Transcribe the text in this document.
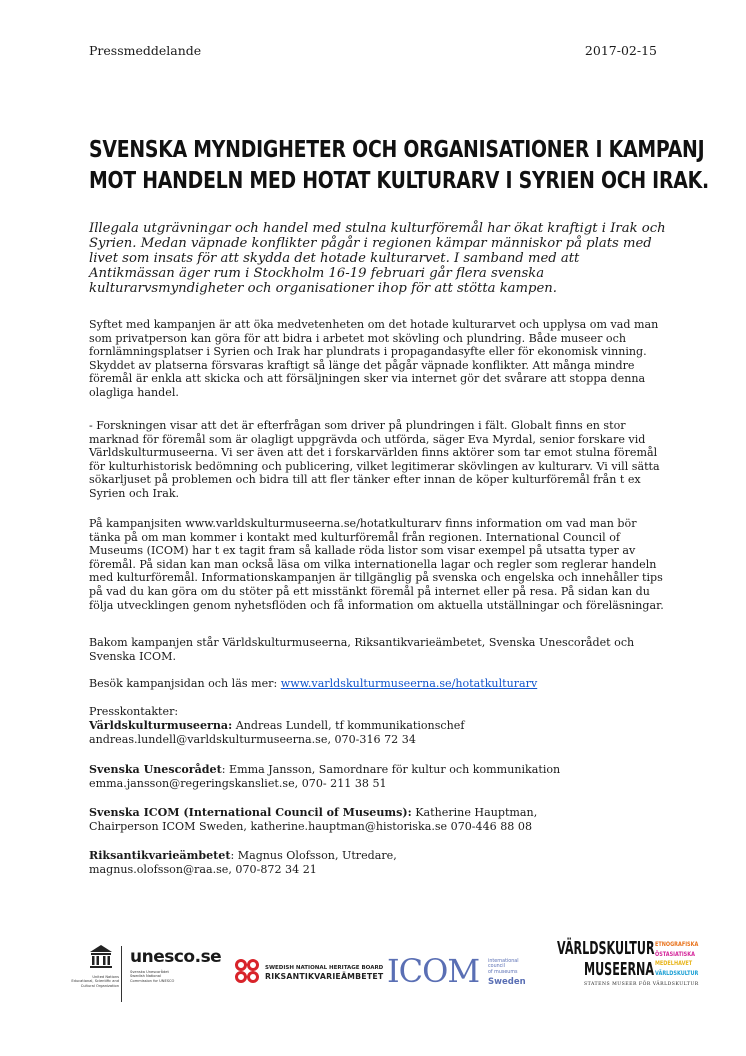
Pressmeddelande	2017-02-15
SVENSKA MYNDIGHETER OCH ORGANISATIONER I KAMPANJ
MOT HANDELN MED HOTAT KULTURARV I SYRIEN OCH IRAK.

Illegala utgrävningar och handel med stulna kulturföremål har ökat kraftigt i Irak och Syrien. Medan väpnade konflikter pågår i regionen kämpar människor på plats med livet som insats för att skydda det hotade kulturarvet. I samband med att Antikmässan äger rum i Stockholm 16-19 februari går flera svenska kulturarvsmyndigheter och organisationer ihop för att stötta kampen.

Syftet med kampanjen är att öka medvetenheten om det hotade kulturarvet och upplysa om vad man som privatperson kan göra för att bidra i arbetet mot skövling och plundring. Både museer och fornlämningsplatser i Syrien och Irak har plundrats i propagandasyfte eller för ekonomisk vinning. Skyddet av platserna försvaras kraftigt så länge det pågår väpnade konflikter. Att många mindre föremål är enkla att skicka och att försäljningen sker via internet gör det svårare att stoppa denna olagliga handel.

- Forskningen visar att det är efterfrågan som driver på plundringen i fält. Globalt finns en stor marknad för föremål som är olagligt uppgrävda och utförda, säger Eva Myrdal, senior forskare vid Världskulturmuseerna. Vi ser även att det i forskarvärlden finns aktörer som tar emot stulna föremål för kulturhistorisk bedömning och publicering, vilket legitimerar skövlingen av kulturarv. Vi vill sätta sökarljuset på problemen och bidra till att fler tänker efter innan de köper kulturföremål från t ex Syrien och Irak.

På kampanjsiten www.varldskulturmuseerna.se/hotatkulturarv finns information om vad man bör tänka på om man kommer i kontakt med kulturföremål från regionen. International Council of Museums (ICOM) har t ex tagit fram så kallade röda listor som visar exempel på utsatta typer av föremål. På sidan kan man också läsa om vilka internationella lagar och regler som reglerar handeln med kulturföremål. Informationskampanjen är tillgänglig på svenska och engelska och innehåller tips på vad du kan göra om du stöter på ett misstänkt föremål på internet eller på resa. På sidan kan du följa utvecklingen genom nyhetsflöden och få information om aktuella utställningar och föreläsningar.

Bakom kampanjen står Världskulturmuseerna, Riksantikvarieämbetet, Svenska Unescorådet och Svenska ICOM.

Besök kampanjsidan och läs mer: www.varldskulturmuseerna.se/hotatkulturarv

Presskontakter:
Världskulturmuseerna: Andreas Lundell, tf kommunikationschef
andreas.lundell@varldskulturmuseerna.se, 070-316 72 34
Svenska Unescorådet: Emma Jansson, Samordnare för kultur och kommunikation
emma.jansson@regeringskansliet.se, 070- 211 38 51
Svenska ICOM (International Council of Museums): Katherine Hauptman,
Chairperson ICOM Sweden, katherine.hauptman@historiska.se 070-446 88 08
Riksantikvarieämbetet: Magnus Olofsson, Utredare,
magnus.olofsson@raa.se, 070-872 34 21
unesco.se
United Nations
Educational, Scientific and
Cultural Organization
Svenska Unescorådet
Swedish National
Commission for UNESCO
SWEDISH NATIONAL HERITAGE BOARD
RIKSANTIKVARIEÄMBETET ICOM international
council
of museums
Sweden
VÄRLDSKULTUR
MUSEERNA
ETNOGRAFISKA
ÖSTASIATISKA
MEDELHAVET
VÄRLDSKULTUR
STATENS MUSEER FÖR VÄRLDSKULTUR
